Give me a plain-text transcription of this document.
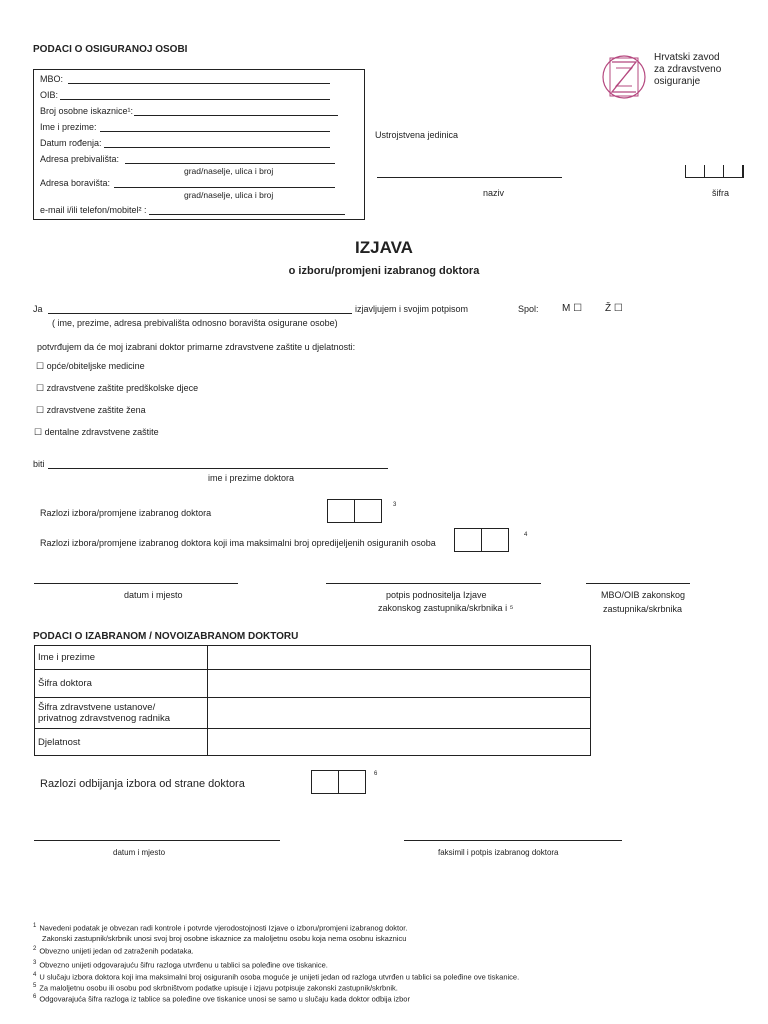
PODACI O OSIGURANOJ OSOBI
Hrvatski zavod
za zdravstveno
osiguranje
Ustrojstvena jedinica
naziv	šifra
MBO:
OIB:
Broj osobne iskaznice¹:
Ime i prezime:
Datum rođenja:
Adresa prebivališta:
grad/naselje, ulica i broj
Adresa boravišta:
grad/naselje, ulica i broj
e-mail i/ili telefon/mobitel² :
IZJAVA
o izboru/promjeni izabranog doktora
Ja	izjavljujem i svojim potpisom	Spol: M ☐ Ž ☐
( ime, prezime, adresa prebivališta odnosno boravišta osigurane osobe)
potvrđujem da će moj izabrani doktor primarne zdravstvene zaštite u djelatnosti:
☐ opće/obiteljske medicine
☐ zdravstvene zaštite predškolske djece
☐ zdravstvene zaštite žena
☐ dentalne zdravstvene zaštite
biti
ime i prezime doktora
Razlozi izbora/promjene izabranog doktora
3
Razlozi izbora/promjene izabranog doktora koji ima maksimalni broj opredijeljenih osiguranih osoba
4
datum i mjesto	potpis podnositelja Izjave
zakonskog zastupnika/skrbnika i ⁵
MBO/OIB zakonskog
zastupnika/skrbnika
PODACI O IZABRANOM / NOVOIZABRANOM DOKTORU
Ime i prezime	
Šifra doktora	
Šifra zdravstvene ustanove/
privatnog zdravstvenog radnika	
Djelatnost	
Razlozi odbijanja izbora od strane doktora
6
datum i mjesto	faksimil i potpis izabranog doktora
$^1$ Navedeni podatak je obvezan radi kontrole i potvrde vjerodostojnosti Izjave o izboru/promjeni izabranog doktor.
Zakonski zastupnik/skrbnik unosi svoj broj osobne iskaznice za maloljetnu osobu koja nema osobnu iskaznicu
$^2$ Obvezno unijeti jedan od zatraženih podataka.
$^3$ Obvezno unijeti odgovarajuću šifru razloga utvrđenu u tablici sa poleđine ove tiskanice.
$^4$ U slučaju izbora doktora koji ima maksimalni broj osiguranih osoba moguće je unijeti jedan od razloga utvrđen u tablici sa poleđine ove tiskanice.
$^5$ Za maloljetnu osobu ili osobu pod skrbništvom podatke upisuje i izjavu potpisuje zakonski zastupnik/skrbnik.
$^6$ Odgovarajuća šifra razloga iz tablice sa poleđine ove tiskanice unosi se samo u slučaju kada doktor odbija izbor
